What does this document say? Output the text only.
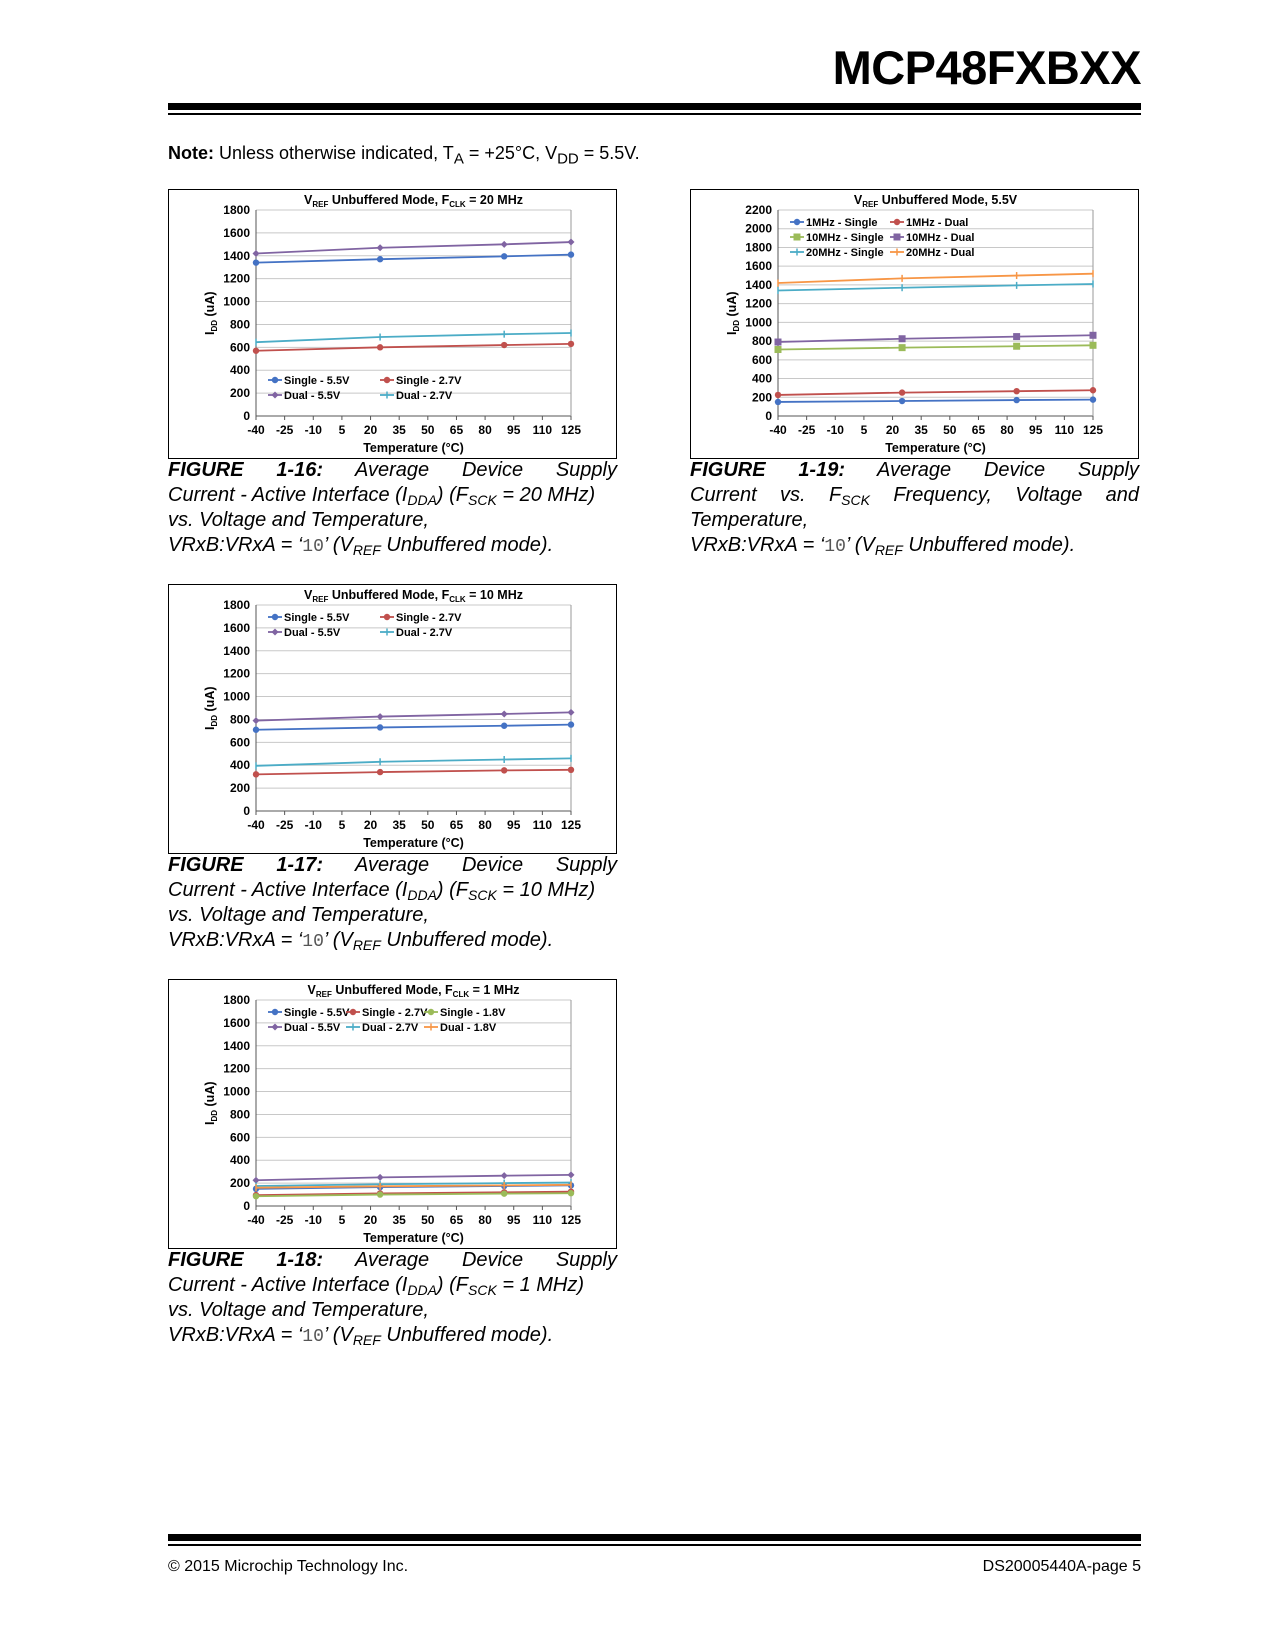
MCP48FXBXX
Note: Unless otherwise indicated, $T_A = +25^\circ C$, $V_{DD} = 5.5V$.
$V_{REF}$ Unbuffered Mode, $F_{CLK} = 20$ MHz
0
200
400
600
800
1000
1200
1400
1600
1800
-40 -25 -10 5 20 35 50 65 80 95 110 125
Temperature (°C)
$I_{DD}$ (uA)
Single - 5.5V	Single - 2.7V
Dual - 5.5V	Dual - 2.7V
$V_{REF}$ Unbuffered Mode, $F_{CLK} = 10$ MHz
0
200
400
600
800
1000
1200
1400
1600
1800
-40 -25 -10 5 20 35 50 65 80 95 110 125
Temperature (°C)
$I_{DD}$ (uA)
Single - 5.5V	Single - 2.7V
Dual - 5.5V	Dual - 2.7V
$V_{REF}$ Unbuffered Mode, $F_{CLK} = 1$ MHz
0
200
400
600
800
1000
1200
1400
1600
1800
-40 -25 -10 5 20 35 50 65 80 95 110 125
Temperature (°C)
$I_{DD}$ (uA)
Single - 5.5V Single - 2.7V Single - 1.8V
Dual - 5.5V Dual - 2.7V Dual - 1.8V
$V_{REF}$ Unbuffered Mode, 5.5V
0
200
400
600
800
1000
1200
1400
1600
1800
2000
2200
-40 -25 -10 5 20 35 50 65 80 95 110 125
Temperature (°C)
$I_{DD}$ (uA)
1MHz - Single	1MHz - Dual
10MHz - Single 10MHz - Dual
20MHz - Single 20MHz - Dual
FIGURE 1-16: Average Device Supply
Current - Active Interface $(I_{DDA}) (F_{SCK} = 20$ MHz)
vs. Voltage and Temperature,
VRxB:VRxA = ‘10’ ($V_{REF}$ Unbuffered mode).
FIGURE 1-17: Average Device Supply
Current - Active Interface $(I_{DDA}) (F_{SCK} = 10$ MHz)
vs. Voltage and Temperature,
VRxB:VRxA = ‘10’ ($V_{REF}$ Unbuffered mode).
FIGURE 1-18: Average Device Supply
Current - Active Interface $(I_{DDA}) (F_{SCK} = 1$ MHz)
vs. Voltage and Temperature,
VRxB:VRxA = ‘10’ ($V_{REF}$ Unbuffered mode).
FIGURE 1-19: Average Device Supply
Current vs. $F_{SCK}$ Frequency, Voltage and
Temperature,
VRxB:VRxA = ‘10’ ($V_{REF}$ Unbuffered mode).
© 2015 Microchip Technology Inc.	DS20005440A-page 5
